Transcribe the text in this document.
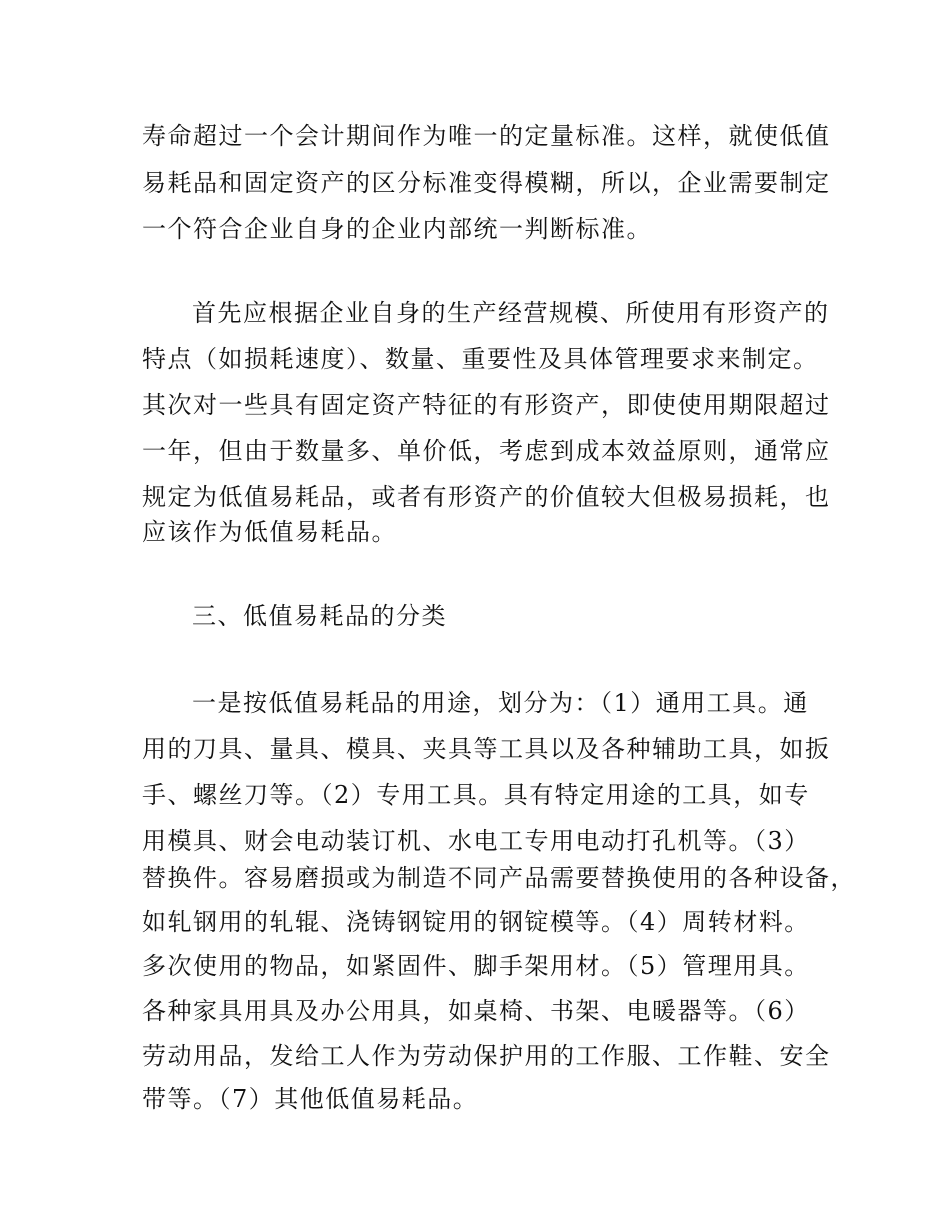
寿命超过一个会计期间作为唯一的定量标准。这样，就使低值
易耗品和固定资产的区分标准变得模糊，所以，企业需要制定
一个符合企业自身的企业内部统一判断标准。
首先应根据企业自身的生产经营规模、所使用有形资产的
特点（如损耗速度）、数量、重要性及具体管理要求来制定。
其次对一些具有固定资产特征的有形资产，即使使用期限超过
一年，但由于数量多、单价低，考虑到成本效益原则，通常应
规定为低值易耗品，或者有形资产的价值较大但极易损耗，也
应该作为低值易耗品。
三、低值易耗品的分类
一是按低值易耗品的用途，划分为：（1）通用工具。通
用的刀具、量具、模具、夹具等工具以及各种辅助工具，如扳
手、螺丝刀等。（2）专用工具。具有特定用途的工具，如专
用模具、财会电动装订机、水电工专用电动打孔机等。（3）
替换件。容易磨损或为制造不同产品需要替换使用的各种设备，
如轧钢用的轧辊、浇铸钢锭用的钢锭模等。（4）周转材料。
多次使用的物品，如紧固件、脚手架用材。（5）管理用具。
各种家具用具及办公用具，如桌椅、书架、电暖器等。（6）
劳动用品，发给工人作为劳动保护用的工作服、工作鞋、安全
带等。（7）其他低值易耗品。
